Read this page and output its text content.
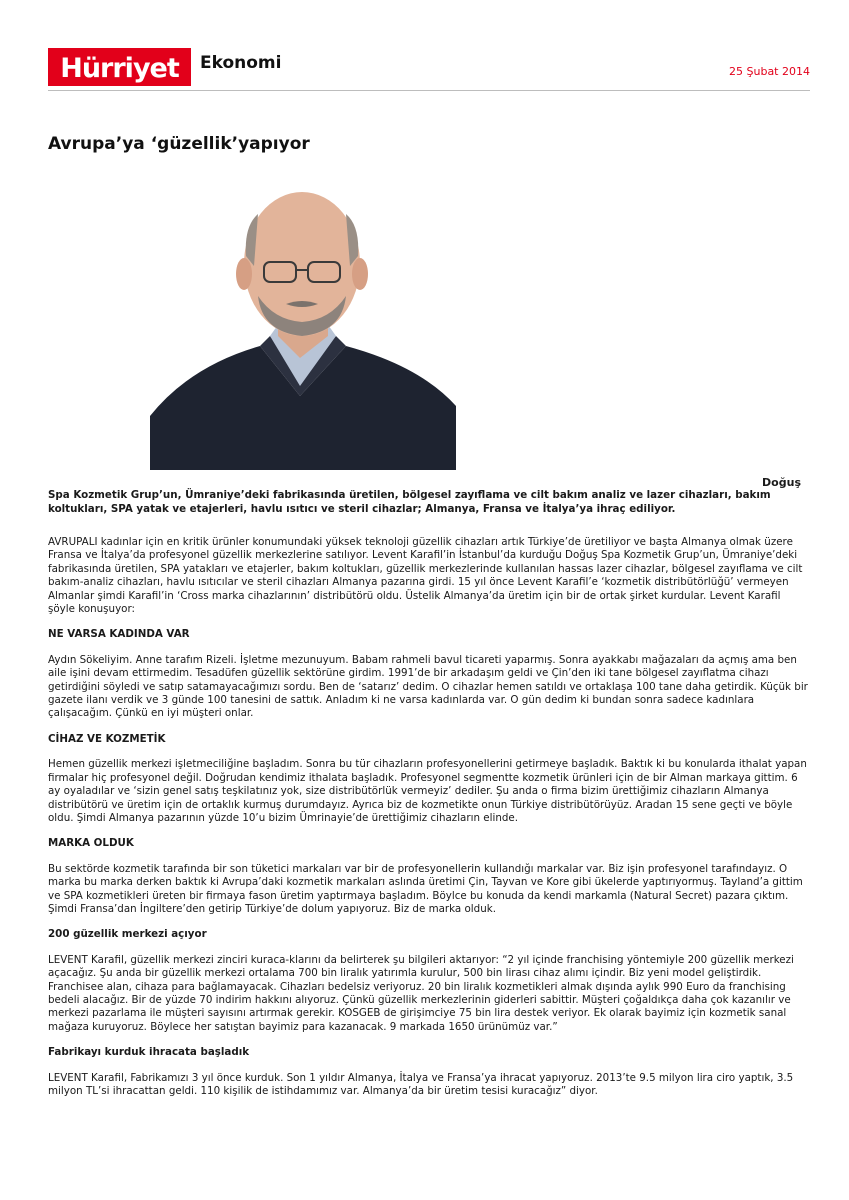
Hürriyet	Ekonomi	25 Şubat 2014
Avrupa’ya ‘güzellik’yapıyor
Doğuş

Spa Kozmetik Grup’un, Ümraniye’deki fabrikasında üretilen, bölgesel zayıflama ve cilt bakım analiz ve lazer cihazları, bakım koltukları, SPA yatak ve etajerleri, havlu ısıtıcı ve steril cihazlar; Almanya, Fransa ve İtalya’ya ihraç ediliyor.

AVRUPALI kadınlar için en kritik ürünler konumundaki yüksek teknoloji güzellik cihazları artık Türkiye’de üretiliyor ve başta Almanya olmak üzere Fransa ve İtalya’da profesyonel güzellik merkezlerine satılıyor. Levent Karafil’in İstanbul’da kurduğu Doğuş Spa Kozmetik Grup’un, Ümraniye’deki fabrikasında üretilen, SPA yatakları ve etajerler, bakım koltukları, güzellik merkezlerinde kullanılan hassas lazer cihazlar, bölgesel zayıflama ve cilt bakım-analiz cihazları, havlu ısıtıcılar ve steril cihazları Almanya pazarına girdi. 15 yıl önce Levent Karafil’e ‘kozmetik distribütörlüğü’ vermeyen Almanlar şimdi Karafil’in ‘Cross marka cihazlarının’ distribütörü oldu. Üstelik Almanya’da üretim için bir de ortak şirket kurdular. Levent Karafil şöyle konuşuyor:

NE VARSA KADINDA VAR

Aydın Sökeliyim. Anne tarafım Rizeli. İşletme mezunuyum. Babam rahmeli bavul ticareti yaparmış. Sonra ayakkabı mağazaları da açmış ama ben aile işini devam ettirmedim. Tesadüfen güzellik sektörüne girdim. 1991’de bir arkadaşım geldi ve Çin’den iki tane bölgesel zayıflatma cihazı getirdiğini söyledi ve satıp satamayacağımızı sordu. Ben de ‘satarız’ dedim. O cihazlar hemen satıldı ve ortaklaşa 100 tane daha getirdik. Küçük bir gazete ilanı verdik ve 3 günde 100 tanesini de sattık. Anladım ki ne varsa kadınlarda var. O gün dedim ki bundan sonra sadece kadınlara çalışacağım. Çünkü en iyi müşteri onlar.

CİHAZ VE KOZMETİK

Hemen güzellik merkezi işletmeciliğine başladım. Sonra bu tür cihazların profesyonellerini getirmeye başladık. Baktık ki bu konularda ithalat yapan firmalar hiç profesyonel değil. Doğrudan kendimiz ithalata başladık. Profesyonel segmentte kozmetik ürünleri için de bir Alman markaya gittim. 6 ay oyaladılar ve ‘sizin genel satış teşkilatınız yok, size distribütörlük vermeyiz’ dediler. Şu anda o firma bizim ürettiğimiz cihazların Almanya distribütörü ve üretim için de ortaklık kurmuş durumdayız. Ayrıca biz de kozmetikte onun Türkiye distribütörüyüz. Aradan 15 sene geçti ve böyle oldu. Şimdi Almanya pazarının yüzde 10’u bizim Ümrinayie’de ürettiğimiz cihazların elinde.

MARKA OLDUK

Bu sektörde kozmetik tarafında bir son tüketici markaları var bir de profesyonellerin kullandığı markalar var. Biz işin profesyonel tarafındayız. O marka bu marka derken baktık ki Avrupa’daki kozmetik markaları aslında üretimi Çin, Tayvan ve Kore gibi ükelerde yaptırıyormuş. Tayland’a gittim ve SPA kozmetikleri üreten bir firmaya fason üretim yaptırmaya başladım. Böylce bu konuda da kendi markamla (Natural Secret) pazara çıktım. Şimdi Fransa’dan İngiltere’den getirip Türkiye’de dolum yapıyoruz. Biz de marka olduk.

200 güzellik merkezi açıyor

LEVENT Karafil, güzellik merkezi zinciri kuraca-klarını da belirterek şu bilgileri aktarıyor: “2 yıl içinde franchising yöntemiyle 200 güzellik merkezi açacağız. Şu anda bir güzellik merkezi ortalama 700 bin liralık yatırımla kurulur, 500 bin lirası cihaz alımı içindir. Biz yeni model geliştirdik. Franchisee alan, cihaza para bağlamayacak. Cihazları bedelsiz veriyoruz. 20 bin liralık kozmetikleri almak dışında aylık 990 Euro da franchising bedeli alacağız. Bir de yüzde 70 indirim hakkını alıyoruz. Çünkü güzellik merkezlerinin giderleri sabittir. Müşteri çoğaldıkça daha çok kazanılır ve merkezi pazarlama ile müşteri sayısını artırmak gerekir. KOSGEB de girişimciye 75 bin lira destek veriyor. Ek olarak bayimiz için kozmetik sanal mağaza kuruyoruz. Böylece her satıştan bayimiz para kazanacak. 9 markada 1650 ürünümüz var.”

Fabrikayı kurduk ihracata başladık

LEVENT Karafil, Fabrikamızı 3 yıl önce kurduk. Son 1 yıldır Almanya, İtalya ve Fransa’ya ihracat yapıyoruz. 2013’te 9.5 milyon lira ciro yaptık, 3.5 milyon TL’si ihracattan geldi. 110 kişilik de istihdamımız var. Almanya’da bir üretim tesisi kuracağız” diyor.
